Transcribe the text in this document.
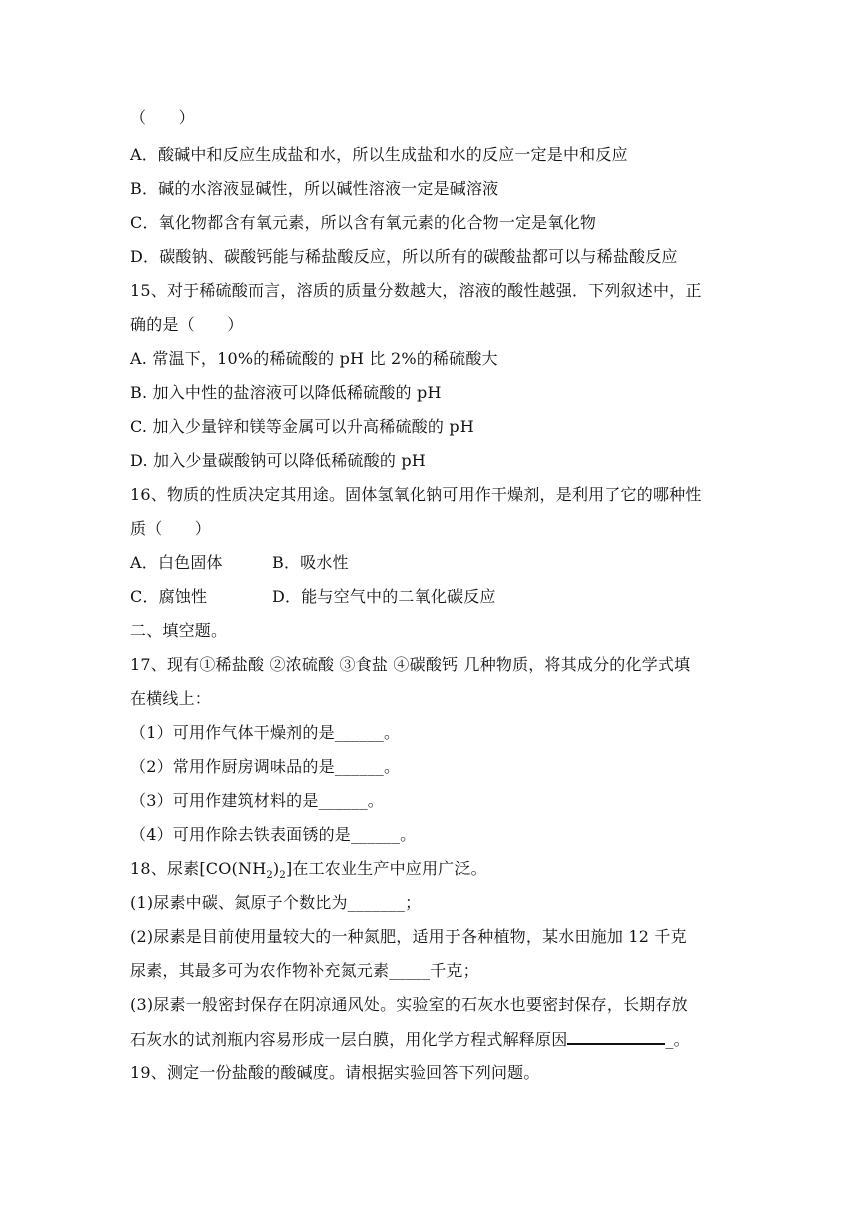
（　　）
A．酸碱中和反应生成盐和水，所以生成盐和水的反应一定是中和反应
B．碱的水溶液显碱性，所以碱性溶液一定是碱溶液
C．氧化物都含有氧元素，所以含有氧元素的化合物一定是氧化物
D．碳酸钠、碳酸钙能与稀盐酸反应，所以所有的碳酸盐都可以与稀盐酸反应
15、对于稀硫酸而言，溶质的质量分数越大，溶液的酸性越强．下列叙述中，正
确的是（　　）
A. 常温下，10%的稀硫酸的 pH 比 2%的稀硫酸大
B. 加入中性的盐溶液可以降低稀硫酸的 pH
C. 加入少量锌和镁等金属可以升高稀硫酸的 pH
D. 加入少量碳酸钠可以降低稀硫酸的 pH
16、物质的性质决定其用途。固体氢氧化钠可用作干燥剂，是利用了它的哪种性
质（　　）
A．白色固体	B．吸水性
C．腐蚀性	D．能与空气中的二氧化碳反应
二、填空题。
17、现有①稀盐酸 ②浓硫酸 ③食盐 ④碳酸钙 几种物质，将其成分的化学式填
在横线上：
（1）可用作气体干燥剂的是______。
（2）常用作厨房调味品的是______。
（3）可用作建筑材料的是______。
（4）可用作除去铁表面锈的是______。
18、尿素$[CO(NH_2)_2]$在工农业生产中应用广泛。
(1)尿素中碳、氮原子个数比为_______；
(2)尿素是目前使用量较大的一种氮肥，适用于各种植物，某水田施加 12 千克
尿素，其最多可为农作物补充氮元素_____千克；
(3)尿素一般密封保存在阴凉通风处。实验室的石灰水也要密封保存，长期存放
石灰水的试剂瓶内容易形成一层白膜，用化学方程式解释原因	_。
19、测定一份盐酸的酸碱度。请根据实验回答下列问题。
